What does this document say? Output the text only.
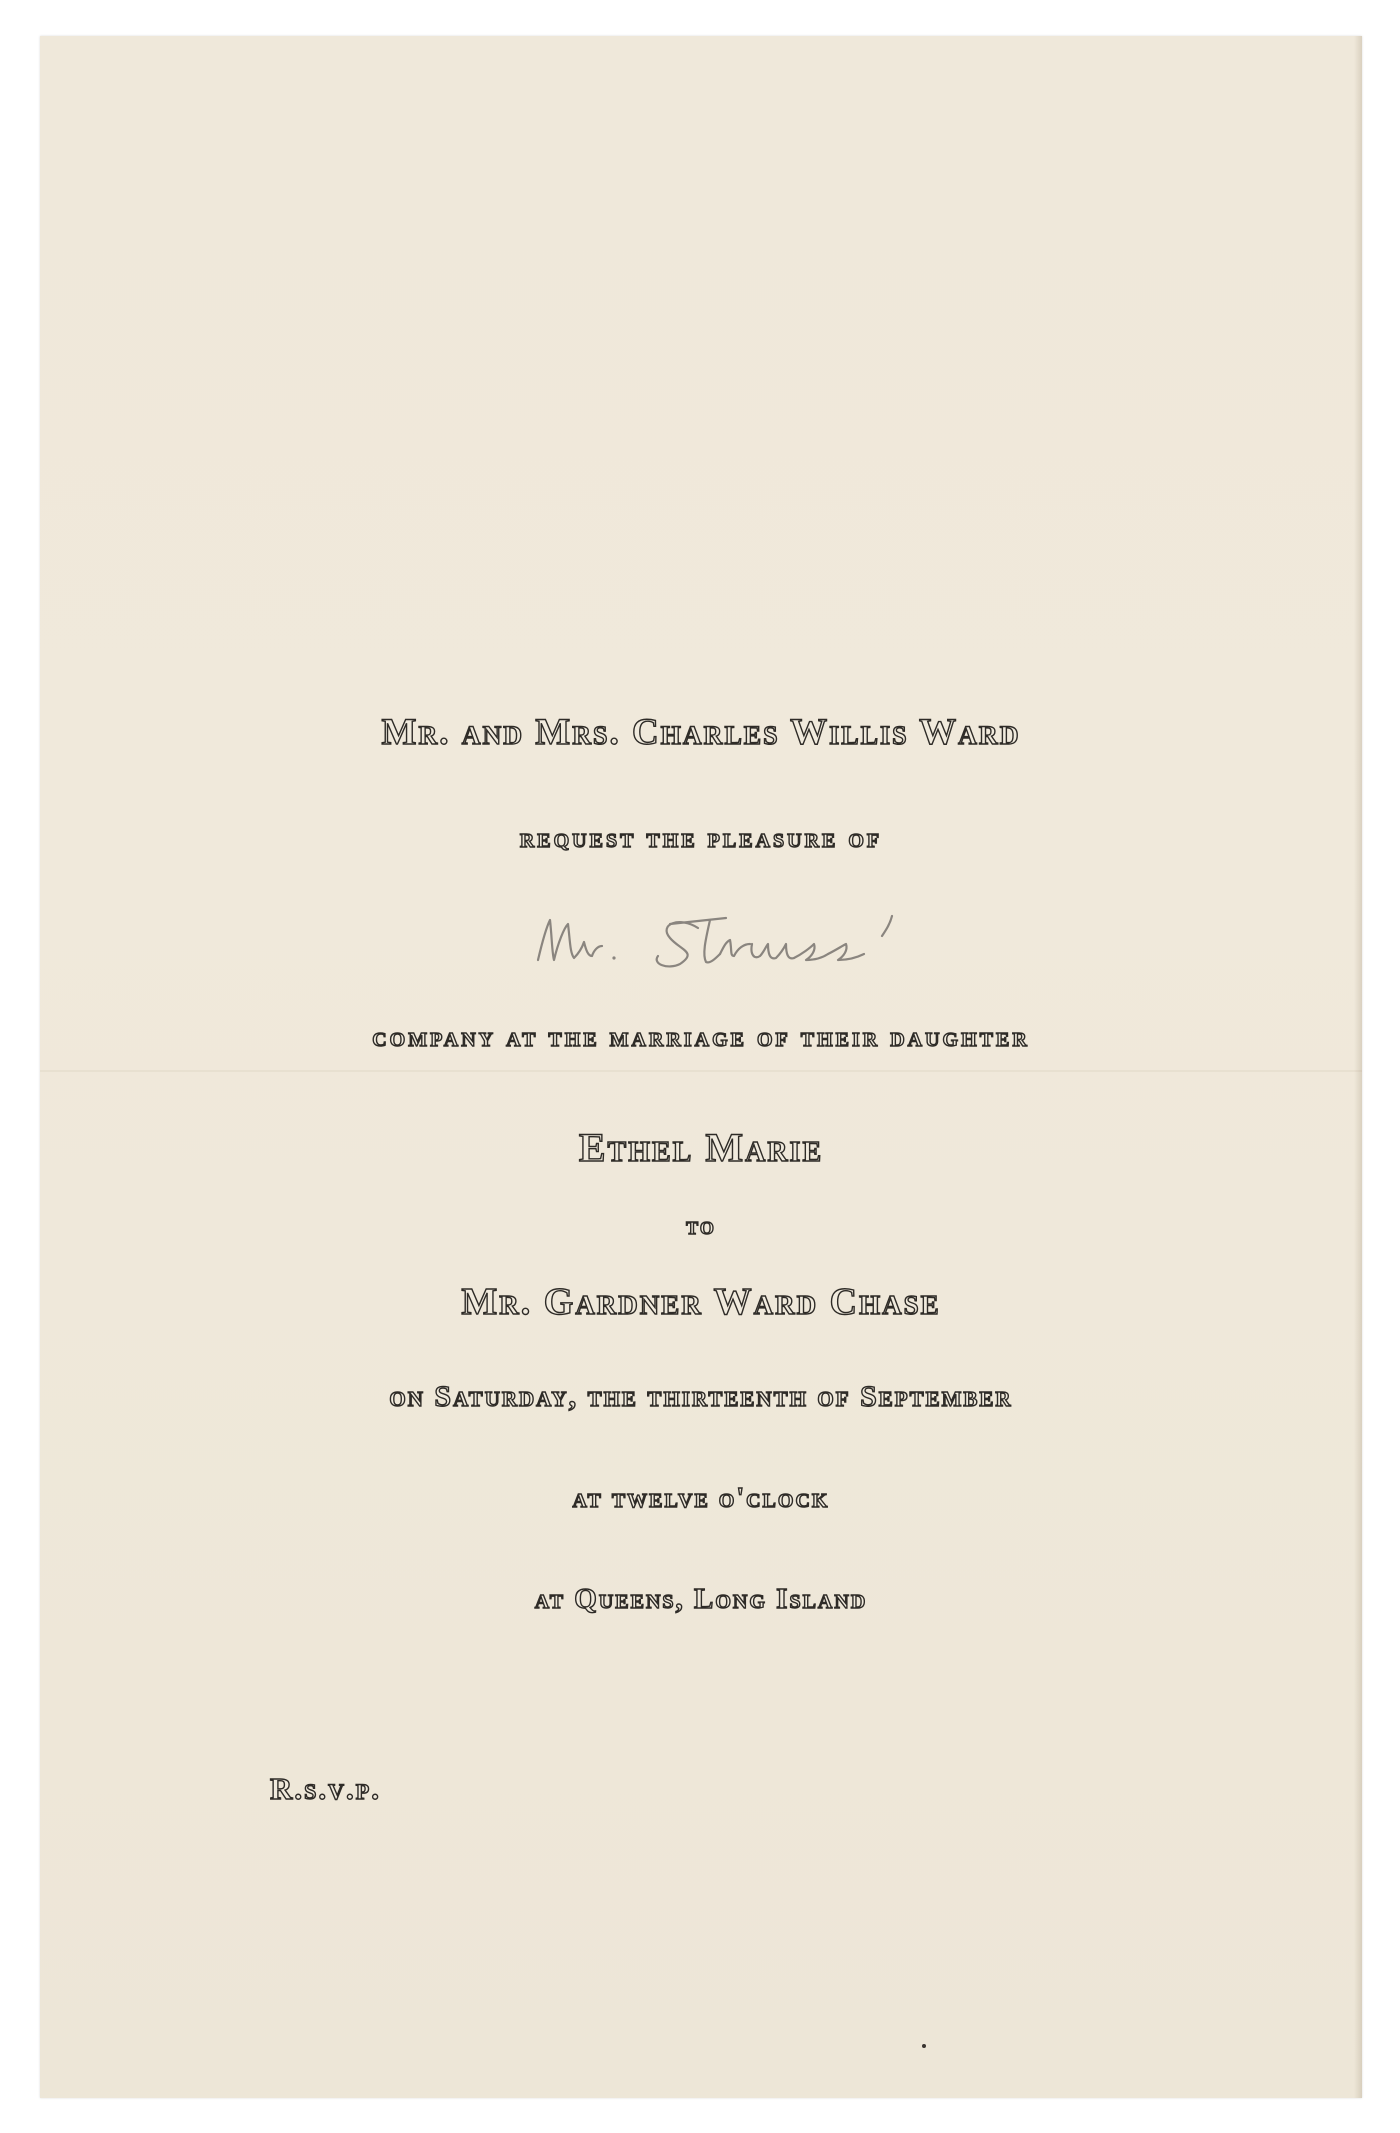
Mr. and Mrs. Charles Willis Ward
request the pleasure of
company at the marriage of their daughter
Ethel Marie
to
Mr. Gardner Ward Chase
on Saturday, the thirteenth of September
at twelve o'clock
at Queens, Long Island
R.s.v.p.
